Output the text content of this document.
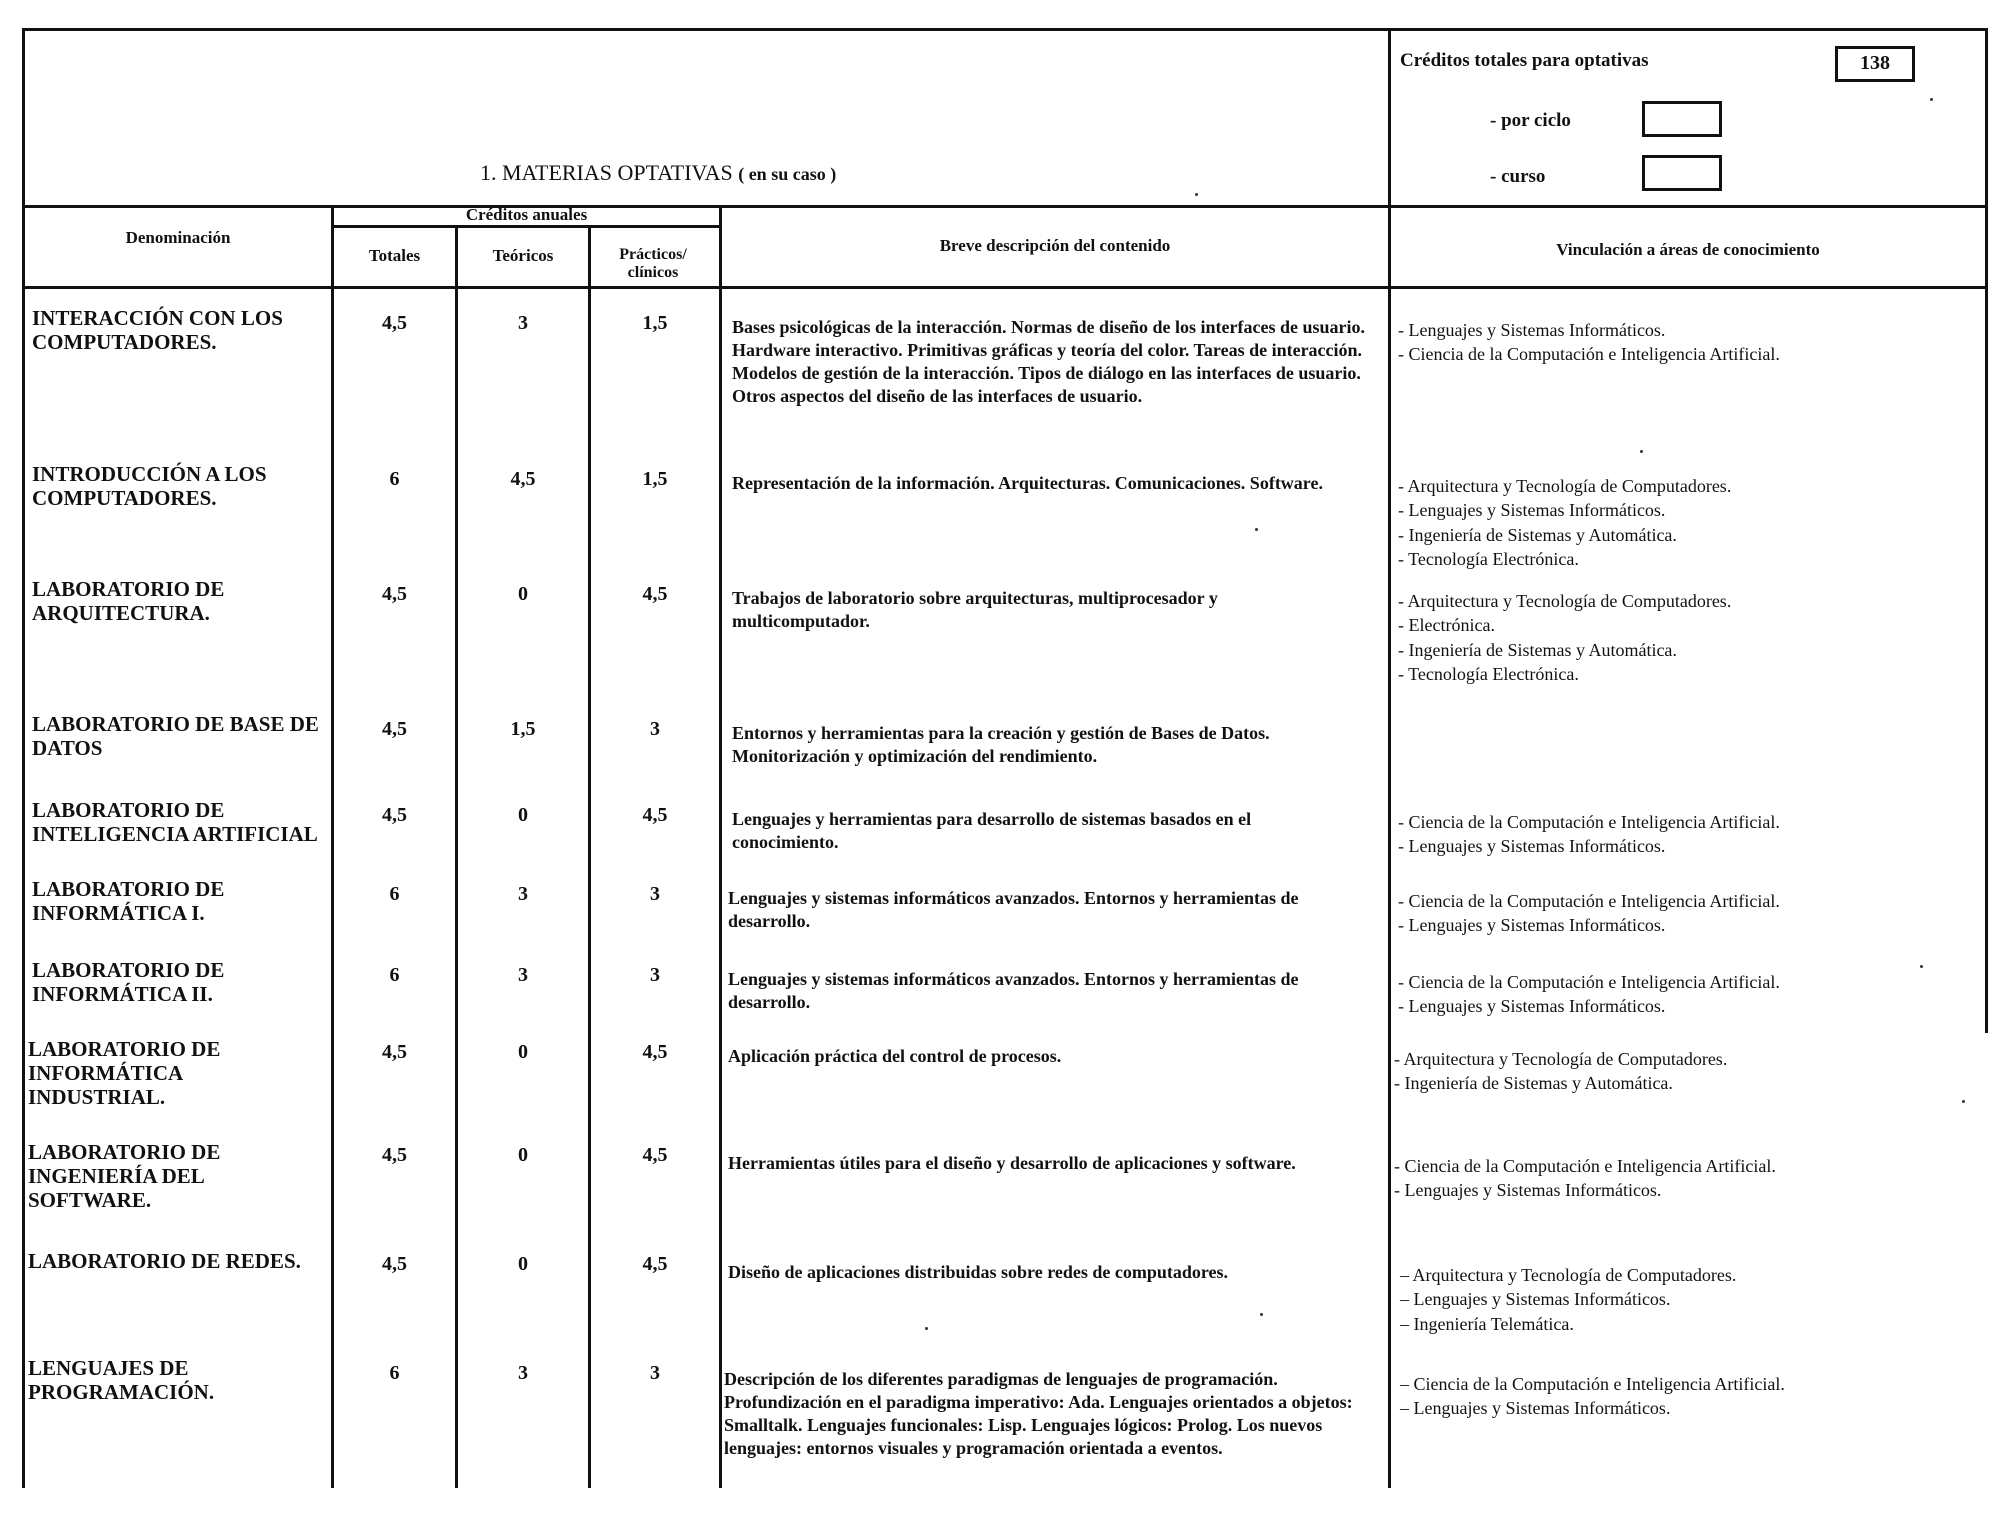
1. MATERIAS OPTATIVAS ( en su caso )
Créditos totales para optativas	138
- por ciclo
- curso
Denominación
Créditos anuales
Totales	Teóricos	Prácticos/ clínicos
Breve descripción del contenido	Vinculación a áreas de conocimiento
INTERACCIÓN CON LOS COMPUTADORES.
4,5	3	1,5	Bases psicológicas de la interacción. Normas de diseño de los interfaces de usuario. Hardware interactivo. Primitivas gráficas y teoría del color. Tareas de interacción. Modelos de gestión de la interacción. Tipos de diálogo en las interfaces de usuario. Otros aspectos del diseño de las interfaces de usuario.
- Lenguajes y Sistemas Informáticos.
- Ciencia de la Computación e Inteligencia Artificial.
INTRODUCCIÓN A LOS COMPUTADORES.
6	4,5	1,5	Representación de la información. Arquitecturas. Comunicaciones. Software.	- Arquitectura y Tecnología de Computadores.
- Lenguajes y Sistemas Informáticos.
- Ingeniería de Sistemas y Automática.
- Tecnología Electrónica.
LABORATORIO DE ARQUITECTURA.
4,5	0	4,5	Trabajos de laboratorio sobre arquitecturas, multiprocesador y multicomputador.
- Arquitectura y Tecnología de Computadores.
- Electrónica.
- Ingeniería de Sistemas y Automática.
- Tecnología Electrónica.
LABORATORIO DE BASE DE DATOS
4,5	1,5	3	Entornos y herramientas para la creación y gestión de Bases de Datos. Monitorización y optimización del rendimiento.
LABORATORIO DE INTELIGENCIA ARTIFICIAL
4,5	0	4,5	Lenguajes y herramientas para desarrollo de sistemas basados en el conocimiento.
- Ciencia de la Computación e Inteligencia Artificial.
- Lenguajes y Sistemas Informáticos.
LABORATORIO DE INFORMÁTICA I.
6	3	3	Lenguajes y sistemas informáticos avanzados. Entornos y herramientas de desarrollo.
- Ciencia de la Computación e Inteligencia Artificial.
- Lenguajes y Sistemas Informáticos.
LABORATORIO DE INFORMÁTICA II.
6	3	3	Lenguajes y sistemas informáticos avanzados. Entornos y herramientas de desarrollo.
- Ciencia de la Computación e Inteligencia Artificial.
- Lenguajes y Sistemas Informáticos.
LABORATORIO DE INFORMÁTICA INDUSTRIAL.
4,5	0	4,5	Aplicación práctica del control de procesos.	- Arquitectura y Tecnología de Computadores.
- Ingeniería de Sistemas y Automática.
LABORATORIO DE INGENIERÍA DEL SOFTWARE.
4,5	0	4,5	Herramientas útiles para el diseño y desarrollo de aplicaciones y software.	- Ciencia de la Computación e Inteligencia Artificial.
- Lenguajes y Sistemas Informáticos.
LABORATORIO DE REDES.	4,5	0	4,5	Diseño de aplicaciones distribuidas sobre redes de computadores.	– Arquitectura y Tecnología de Computadores.
– Lenguajes y Sistemas Informáticos.
– Ingeniería Telemática.
LENGUAJES DE PROGRAMACIÓN.
6	3	3	Descripción de los diferentes paradigmas de lenguajes de programación. Profundización en el paradigma imperativo: Ada. Lenguajes orientados a objetos: Smalltalk. Lenguajes funcionales: Lisp. Lenguajes lógicos: Prolog. Los nuevos lenguajes: entornos visuales y programación orientada a eventos.
– Ciencia de la Computación e Inteligencia Artificial.
– Lenguajes y Sistemas Informáticos.
